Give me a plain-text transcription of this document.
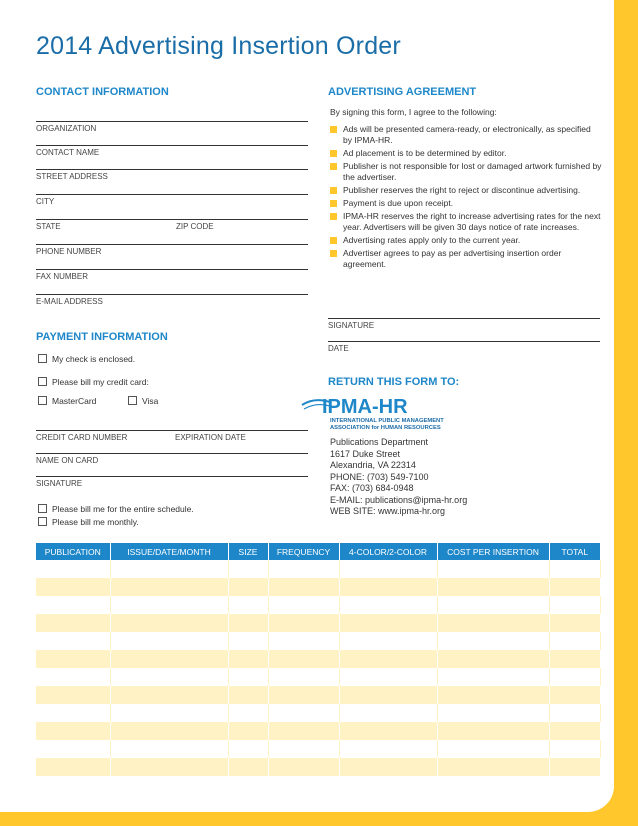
2014 Advertising Insertion Order
CONTACT INFORMATION
ORGANIZATION
CONTACT NAME
STREET ADDRESS
CITY
STATE	ZIP CODE
PHONE NUMBER
FAX NUMBER
E-MAIL ADDRESS
PAYMENT INFORMATION
My check is enclosed.
Please bill my credit card:
MasterCard	Visa
CREDIT CARD NUMBER	EXPIRATION DATE
NAME ON CARD
SIGNATURE
Please bill me for the entire schedule.
Please bill me monthly.
ADVERTISING AGREEMENT
By signing this form, I agree to the following:
Ads will be presented camera-ready, or electronically, as specified by IPMA-HR.
Ad placement is to be determined by editor.
Publisher is not responsible for lost or damaged artwork furnished by the advertiser.
Publisher reserves the right to reject or discontinue advertising.
Payment is due upon receipt.
IPMA-HR reserves the right to increase advertising rates for the next year. Advertisers will be given 30 days notice of rate increases.
Advertising rates apply only to the current year.
Advertiser agrees to pay as per advertising insertion order agreement.
SIGNATURE
DATE
RETURN THIS FORM TO:
IPMA-HR
INTERNATIONAL PUBLIC MANAGEMENT
ASSOCIATION for HUMAN RESOURCES
Publications Department
1617 Duke Street
Alexandria, VA 22314
PHONE: (703) 549-7100
FAX: (703) 684-0948
E-MAIL: publications@ipma-hr.org
WEB SITE: www.ipma-hr.org
PUBLICATION	ISSUE/DATE/MONTH	SIZE	FREQUENCY	4-COLOR/2-COLOR	COST PER INSERTION	TOTAL
